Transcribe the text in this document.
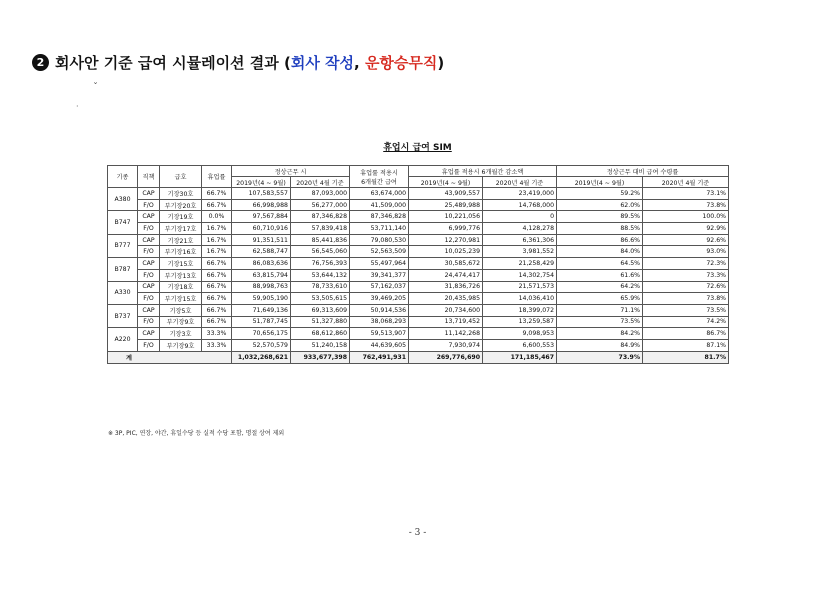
2 회사안 기준 급여 시뮬레이션 결과 (회사 작성, 운항승무직)
ˇ
·
휴업시 급여 SIM
기종	직책	급호	휴업률	정상근무 시		휴업률 적용시
6개월간 급여	휴업률 적용시 6개월간 감소액		정상근무 대비 급여 수령률	
				2019년(4 ~ 9월)	2020년 4월 기준		2019년(4 ~ 9월)	2020년 4월 기준	2019년(4 ~ 9월)	2020년 4월 기준
A380	CAP	기장30호	66.7%	107,583,557	87,093,000	63,674,000	43,909,557	23,419,000	59.2%	73.1%
	F/O	부기장20호	66.7%	66,998,988	56,277,000	41,509,000	25,489,988	14,768,000	62.0%	73.8%
B747	CAP	기장19호	0.0%	97,567,884	87,346,828	87,346,828	10,221,056	0	89.5%	100.0%
	F/O	부기장17호	16.7%	60,710,916	57,839,418	53,711,140	6,999,776	4,128,278	88.5%	92.9%
B777	CAP	기장21호	16.7%	91,351,511	85,441,836	79,080,530	12,270,981	6,361,306	86.6%	92.6%
	F/O	부기장16호	16.7%	62,588,747	56,545,060	52,563,509	10,025,239	3,981,552	84.0%	93.0%
B787	CAP	기장15호	66.7%	86,083,636	76,756,393	55,497,964	30,585,672	21,258,429	64.5%	72.3%
	F/O	부기장13호	66.7%	63,815,794	53,644,132	39,341,377	24,474,417	14,302,754	61.6%	73.3%
A330	CAP	기장18호	66.7%	88,998,763	78,733,610	57,162,037	31,836,726	21,571,573	64.2%	72.6%
	F/O	부기장15호	66.7%	59,905,190	53,505,615	39,469,205	20,435,985	14,036,410	65.9%	73.8%
B737	CAP	기장5호	66.7%	71,649,136	69,313,609	50,914,536	20,734,600	18,399,072	71.1%	73.5%
	F/O	부기장9호	66.7%	51,787,745	51,327,880	38,068,293	13,719,452	13,259,587	73.5%	74.2%
A220	CAP	기장3호	33.3%	70,656,175	68,612,860	59,513,907	11,142,268	9,098,953	84.2%	86.7%
	F/O	부기장9호	33.3%	52,570,579	51,240,158	44,639,605	7,930,974	6,600,553	84.9%	87.1%
계				1,032,268,621	933,677,398	762,491,931	269,776,690	171,185,467	73.9%	81.7%
※ 3P, PIC, 연장, 야간, 휴일수당 등 실적 수당 포함, 명절 상여 제외
- 3 -
